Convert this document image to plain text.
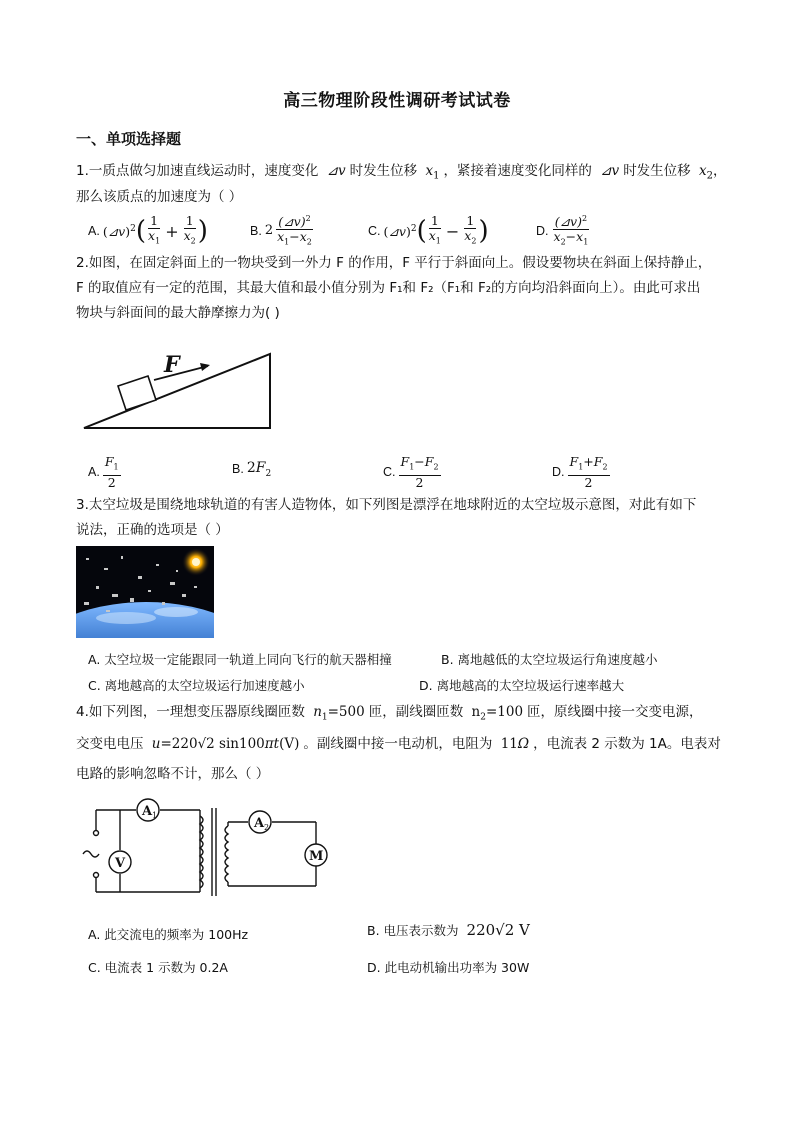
高三物理阶段性调研考试试卷
一、单项选择题
1.一质点做匀加速直线运动时，速度变化 ⊿v 时发生位移 $x_1$ ，紧接着速度变化同样的 ⊿v 时发生位移 $x_2$，
那么该质点的加速度为（ ）
A. (⊿v)$^2$ ( $\frac{1}{x_1} + \frac{1}{x_2}$ )	B. $2 \frac{(⊿v)^2}{x_1-x_2}$	C. (⊿v)$^2$ ( $\frac{1}{x_1} - \frac{1}{x_2}$ )	D. $\frac{(⊿v)^2}{x_2-x_1}$
2.如图，在固定斜面上的一物块受到一外力 F 的作用，F 平行于斜面向上。假设要物块在斜面上保持静止，
F 的取值应有一定的范围，其最大值和最小值分别为 F₁和 F₂（F₁和 F₂的方向均沿斜面向上）。由此可求出
物块与斜面间的最大静摩擦力为( )
F
A. $\frac{F_1}{2}$	B. $2F_2$	C. $\frac{F_1-F_2}{2}$	D. $\frac{F_1+F_2}{2}$
3.太空垃圾是围绕地球轨道的有害人造物体，如下列图是漂浮在地球附近的太空垃圾示意图，对此有如下
说法，正确的选项是（ ）
A. 太空垃圾一定能跟同一轨道上同向飞行的航天器相撞	B. 离地越低的太空垃圾运行角速度越小
C. 离地越高的太空垃圾运行加速度越小	D. 离地越高的太空垃圾运行速率越大
4.如下列图，一理想变压器原线圈匝数 $n_1=500$ 匝，副线圈匝数 $n_2=100$ 匝，原线圈中接一交变电源，
交变电电压 u=220√2 sin100πt(V) 。副线圈中接一电动机，电阻为 11Ω ，电流表 2 示数为 1A。电表对
电路的影响忽略不计，那么（ ）
A 1
V
A 2
M
A. 此交流电的频率为 100Hz	B. 电压表示数为 220√2 V
C. 电流表 1 示数为 0.2A	D. 此电动机输出功率为 30W
